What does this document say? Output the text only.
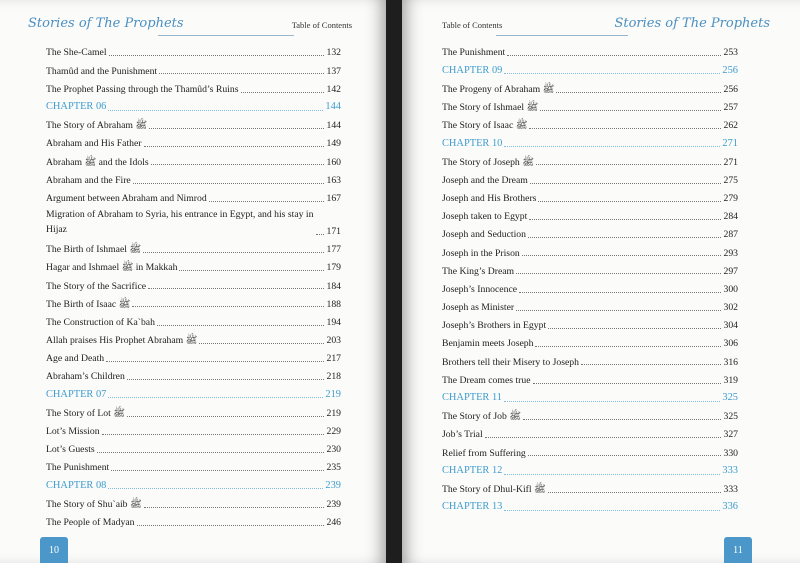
Stories of The Prophets	Table of Contents
The She-Camel	132
Thamûd and the Punishment	137
The Prophet Passing through the Thamûd’s Ruins	142
CHAPTER 06	144
The Story of Abraham ﷺ	144
Abraham and His Father	149
Abraham ﷺ and the Idols	160
Abraham and the Fire	163
Argument between Abraham and Nimrod	167
Migration of Abraham to Syria, his entrance in Egypt, and his stay in Hijaz	171
The Birth of Ishmael ﷺ	177
Hagar and Ishmael ﷺ in Makkah	179
The Story of the Sacrifice	184
The Birth of Isaac ﷺ	188
The Construction of Ka`bah	194
Allah praises His Prophet Abraham ﷺ	203
Age and Death	217
Abraham’s Children	218
CHAPTER 07	219
The Story of Lot ﷺ	219
Lot’s Mission	229
Lot’s Guests	230
The Punishment	235
CHAPTER 08	239
The Story of Shu`aib ﷺ	239
The People of Madyan	246
10
Table of Contents	Stories of The Prophets
The Punishment	253
CHAPTER 09	256
The Progeny of Abraham ﷺ	256
The Story of Ishmael ﷺ	257
The Story of Isaac ﷺ	262
CHAPTER 10	271
The Story of Joseph ﷺ	271
Joseph and the Dream	275
Joseph and His Brothers	279
Joseph taken to Egypt	284
Joseph and Seduction	287
Joseph in the Prison	293
The King’s Dream	297
Joseph’s Innocence	300
Joseph as Minister	302
Joseph’s Brothers in Egypt	304
Benjamin meets Joseph	306
Brothers tell their Misery to Joseph	316
The Dream comes true	319
CHAPTER 11	325
The Story of Job ﷺ	325
Job’s Trial	327
Relief from Suffering	330
CHAPTER 12	333
The Story of Dhul-Kifl ﷺ	333
CHAPTER 13	336
11
